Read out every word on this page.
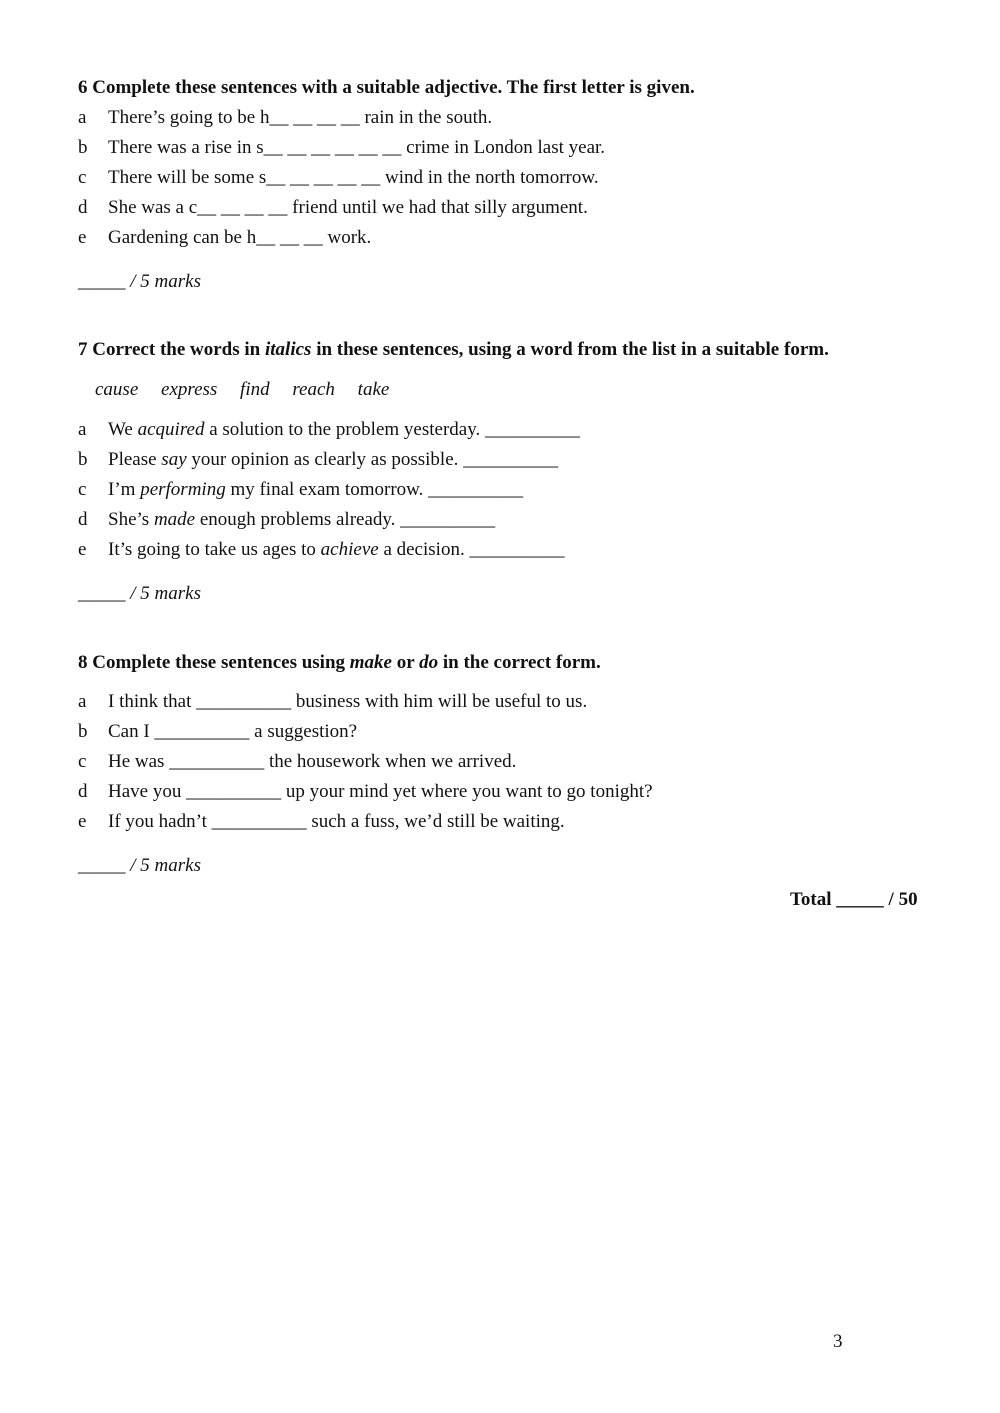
6 Complete these sentences with a suitable adjective. The first letter is given.
a There’s going to be h__ __ __ __ rain in the south.
b There was a rise in s__ __ __ __ __ __ crime in London last year.
c There will be some s__ __ __ __ __ wind in the north tomorrow.
d She was a c__ __ __ __ friend until we had that silly argument.
e Gardening can be h__ __ __ work.
_____ / 5 marks
7 Correct the words in italics in these sentences, using a word from the list in a suitable form.
cause express find reach take
a We acquired a solution to the problem yesterday. __________
b Please say your opinion as clearly as possible. __________
c I’m performing my final exam tomorrow. __________
d She’s made enough problems already. __________
e It’s going to take us ages to achieve a decision. __________
_____ / 5 marks
8 Complete these sentences using make or do in the correct form.
a I think that __________ business with him will be useful to us.
b Can I __________ a suggestion?
c He was __________ the housework when we arrived.
d Have you __________ up your mind yet where you want to go tonight?
e If you hadn’t __________ such a fuss, we’d still be waiting.
_____ / 5 marks
Total _____ / 50
3
